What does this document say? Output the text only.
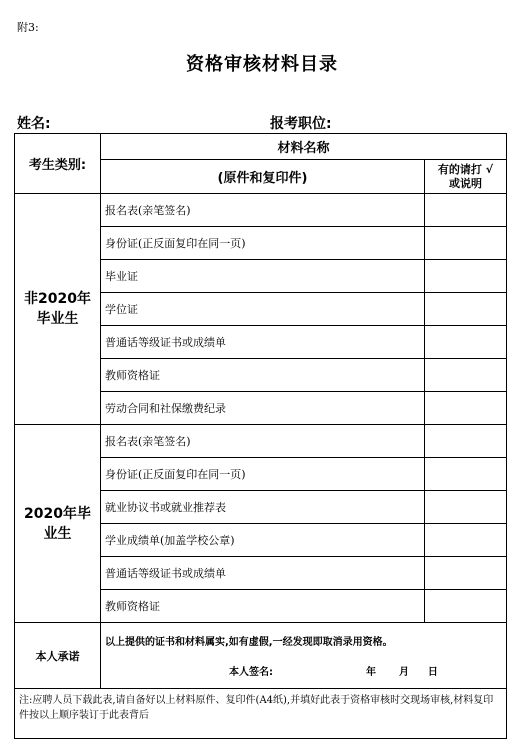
附3:
资格审核材料目录
姓名:	报考职位:
考生类别:	材料名称	
	(原件和复印件)	有的请打 √
或说明

非2020年毕业生	报名表(亲笔签名)	
	身份证(正反面复印在同一页)	
	毕业证	
	学位证	
	普通话等级证书或成绩单	
	教师资格证	
	劳动合同和社保缴费纪录	
2020年毕业生	报名表(亲笔签名)	
	身份证(正反面复印在同一页)	
	就业协议书或就业推荐表	
	学业成绩单(加盖学校公章)	
	普通话等级证书或成绩单	
	教师资格证	
本人承诺	以上提供的证书和材料属实,如有虚假,一经发现即取消录用资格。
本人签名: 年 月 日	

注:应聘人员下载此表,请自备好以上材料原件、复印件(A4纸),并填好此表于资格审核时交现场审核,材料复印件按以上顺序装订于此表背后		
